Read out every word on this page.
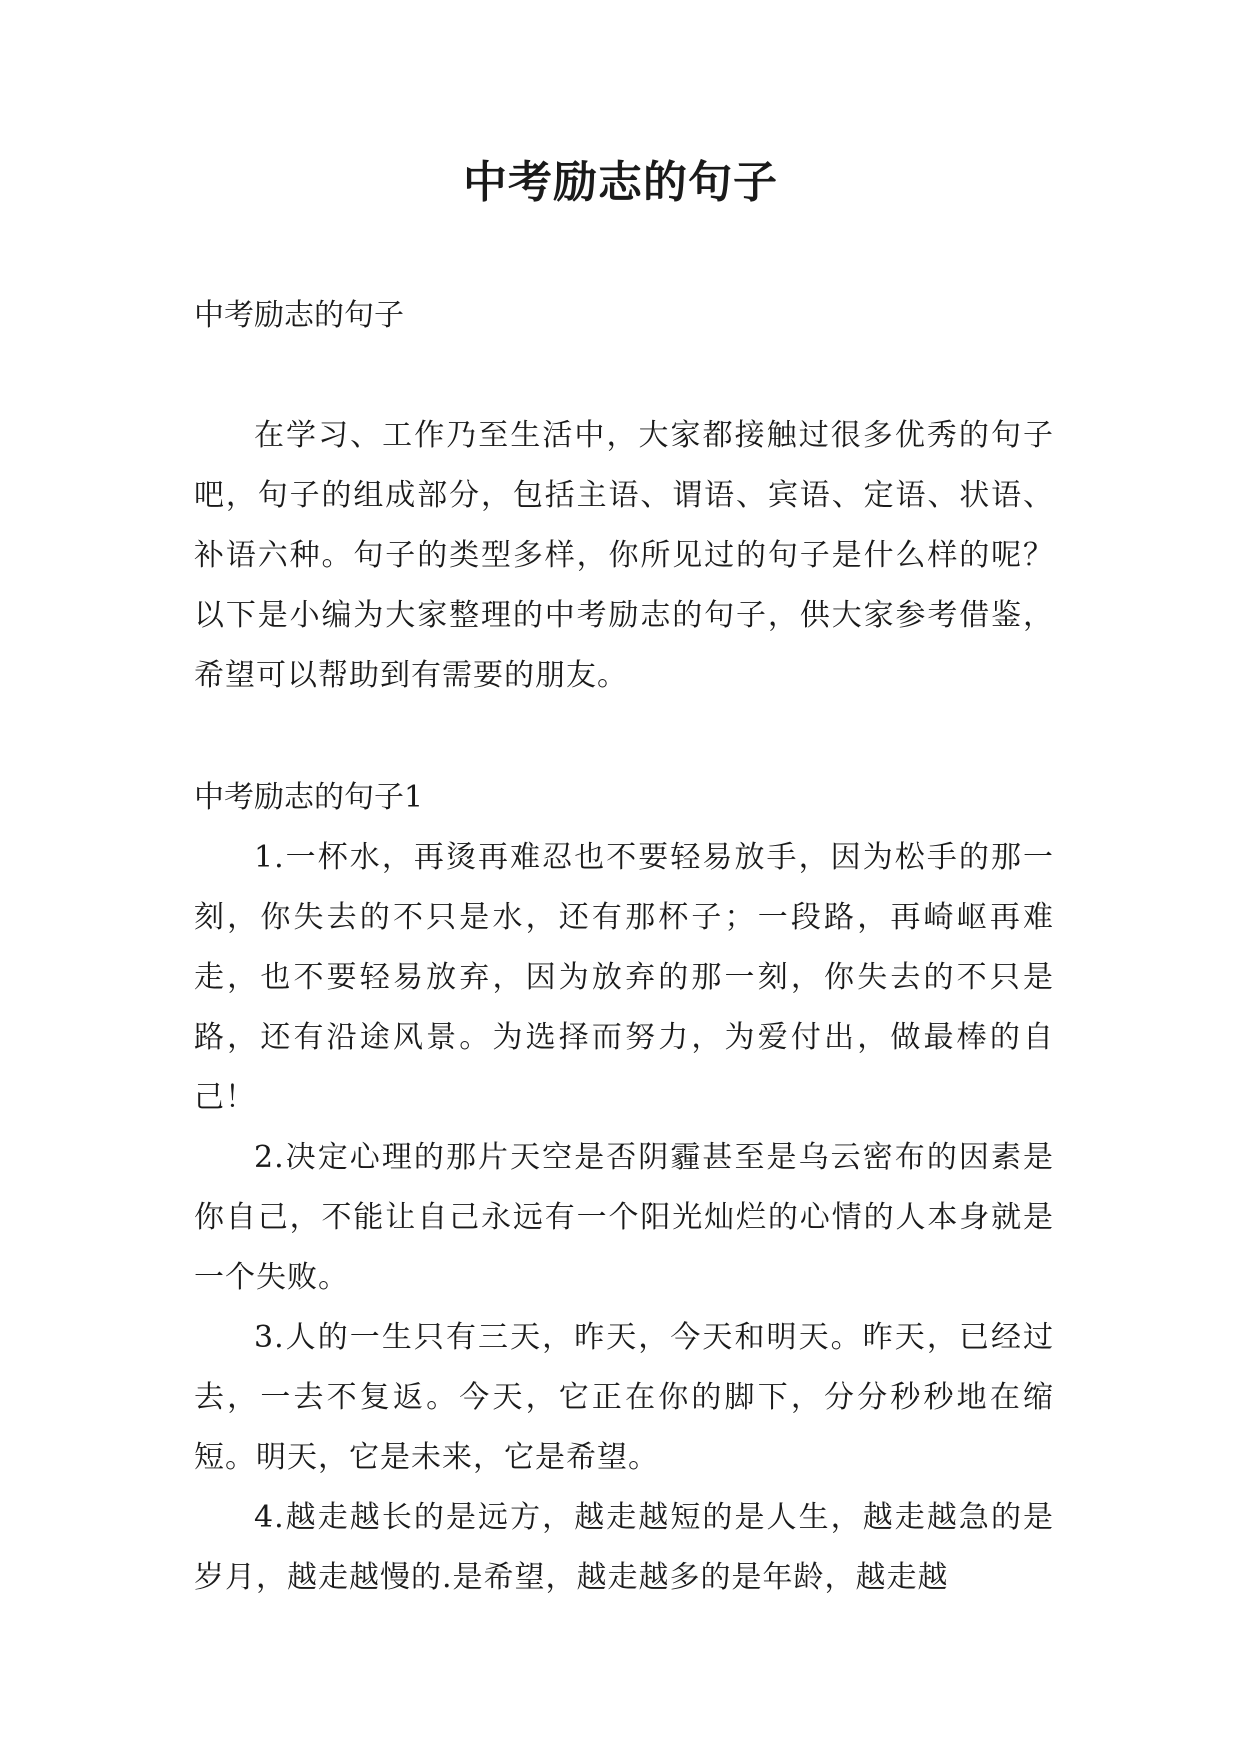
中考励志的句子

中考励志的句子

在学习、工作乃至生活中，大家都接触过很多优秀的句子吧，句子的组成部分，包括主语、谓语、宾语、定语、状语、补语六种。句子的类型多样，你所见过的句子是什么样的呢？以下是小编为大家整理的中考励志的句子，供大家参考借鉴，希望可以帮助到有需要的朋友。

中考励志的句子1

1.一杯水，再烫再难忍也不要轻易放手，因为松手的那一刻，你失去的不只是水，还有那杯子；一段路，再崎岖再难走，也不要轻易放弃，因为放弃的那一刻，你失去的不只是路，还有沿途风景。为选择而努力，为爱付出，做最棒的自己！

2.决定心理的那片天空是否阴霾甚至是乌云密布的因素是你自己，不能让自己永远有一个阳光灿烂的心情的人本身就是一个失败。

3.人的一生只有三天，昨天，今天和明天。昨天，已经过去，一去不复返。今天，它正在你的脚下，分分秒秒地在缩短。明天，它是未来，它是希望。

4.越走越长的是远方，越走越短的是人生，越走越急的是岁月，越走越慢的.是希望，越走越多的是年龄，越走越
